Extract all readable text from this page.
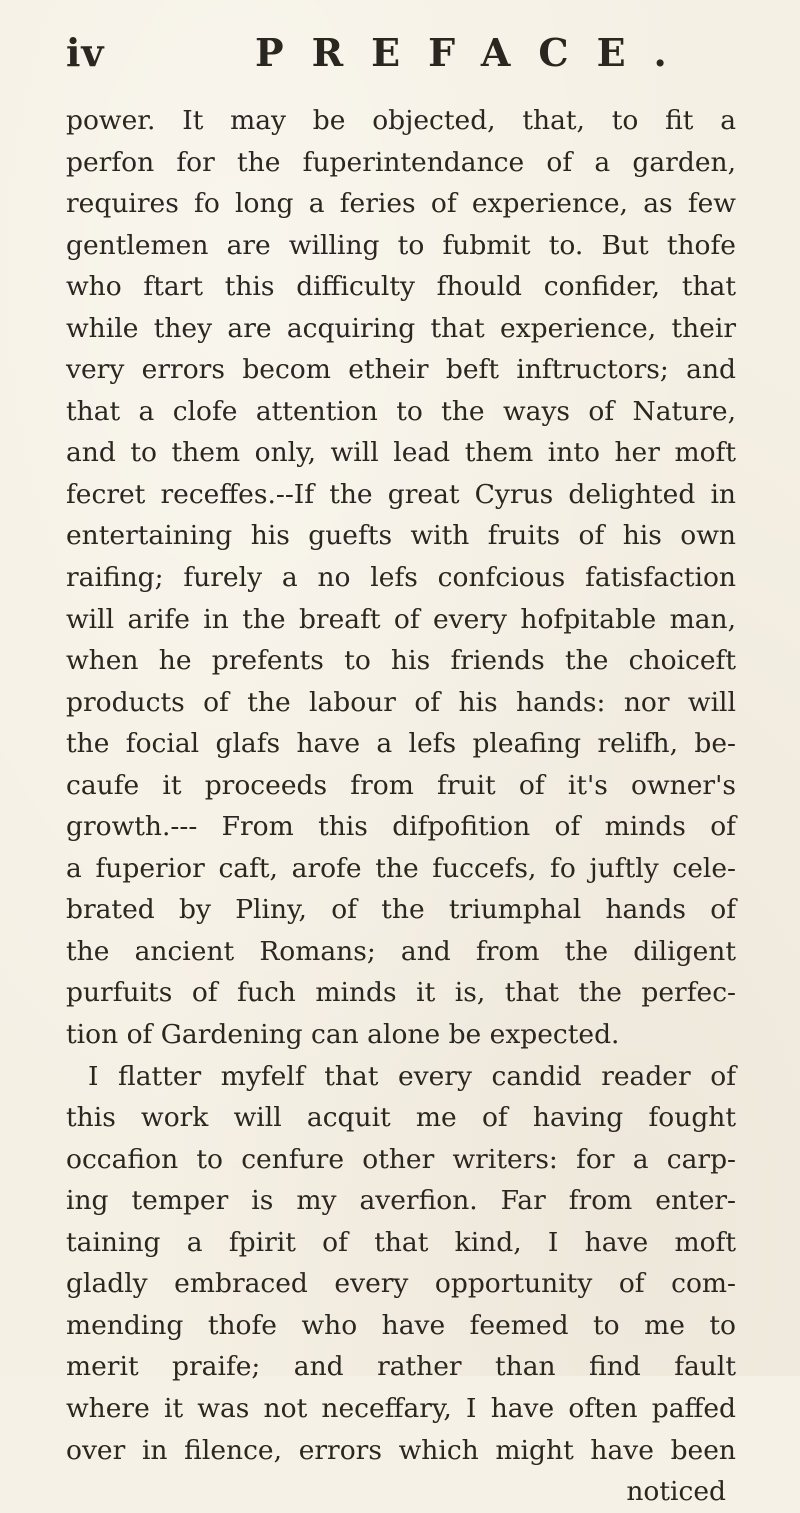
iv	PREFACE.
power. It may be objected, that, to fit a
perfon for the fuperintendance of a garden,
requires fo long a feries of experience, as few
gentlemen are willing to fubmit to. But thofe
who ftart this difficulty fhould confider, that
while they are acquiring that experience, their
very errors becom etheir beft inftructors; and
that a clofe attention to the ways of Nature,
and to them only, will lead them into her moft
fecret receffes.--If the great Cyrus delighted in
entertaining his guefts with fruits of his own
raifing; furely a no lefs confcious fatisfaction
will arife in the breaft of every hofpitable man,
when he prefents to his friends the choiceft
products of the labour of his hands: nor will
the focial glafs have a lefs pleafing relifh, be-
caufe it proceeds from fruit of it's owner's
growth.--- From this difpofition of minds of
a fuperior caft, arofe the fuccefs, fo juftly cele-
brated by Pliny, of the triumphal hands of
the ancient Romans; and from the diligent
purfuits of fuch minds it is, that the perfec-
tion of Gardening can alone be expected.
I flatter myfelf that every candid reader of
this work will acquit me of having fought
occafion to cenfure other writers: for a carp-
ing temper is my averfion. Far from enter-
taining a fpirit of that kind, I have moft
gladly embraced every opportunity of com-
mending thofe who have feemed to me to
merit praife; and rather than find fault
where it was not neceffary, I have often paffed
over in filence, errors which might have been
noticed
